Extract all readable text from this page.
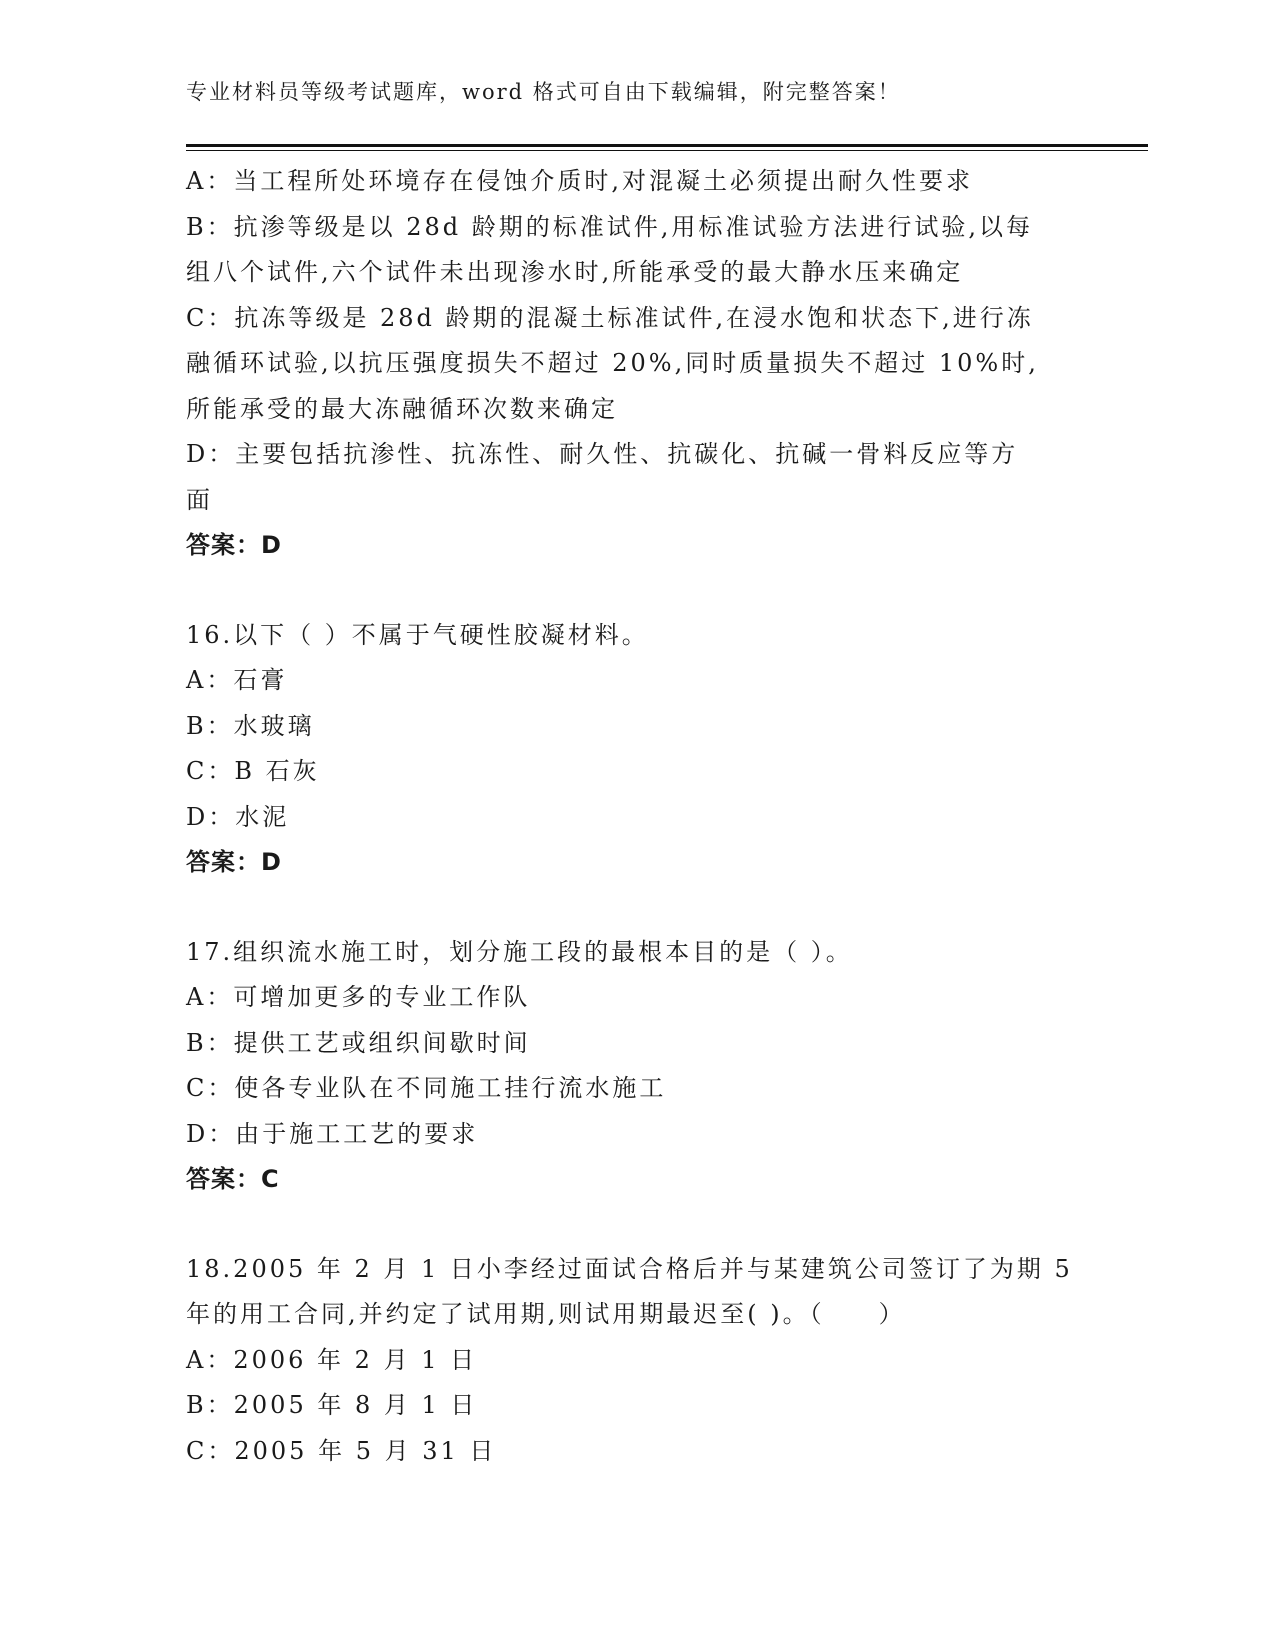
专业材料员等级考试题库，word 格式可自由下载编辑，附完整答案！
A：当工程所处环境存在侵蚀介质时,对混凝土必须提出耐久性要求
B：抗渗等级是以 28d 龄期的标准试件,用标准试验方法进行试验,以每
组八个试件,六个试件未出现渗水时,所能承受的最大静水压来确定
C：抗冻等级是 28d 龄期的混凝土标准试件,在浸水饱和状态下,进行冻
融循环试验,以抗压强度损失不超过 20%,同时质量损失不超过 10%时,
所能承受的最大冻融循环次数来确定
D：主要包括抗渗性、抗冻性、耐久性、抗碳化、抗碱一骨料反应等方
面
答案：D
16.以下（ ）不属于气硬性胶凝材料。
A：石膏
B：水玻璃
C：B 石灰
D：水泥
答案：D
17.组织流水施工时，划分施工段的最根本目的是（ ）。
A：可增加更多的专业工作队
B：提供工艺或组织间歇时间
C：使各专业队在不同施工挂行流水施工
D：由于施工工艺的要求
答案：C
18.2005 年 2 月 1 日小李经过面试合格后并与某建筑公司签订了为期 5
年的用工合同,并约定了试用期,则试用期最迟至( )。（　　）
A：2006 年 2 月 1 日
B：2005 年 8 月 1 日
C：2005 年 5 月 31 日
